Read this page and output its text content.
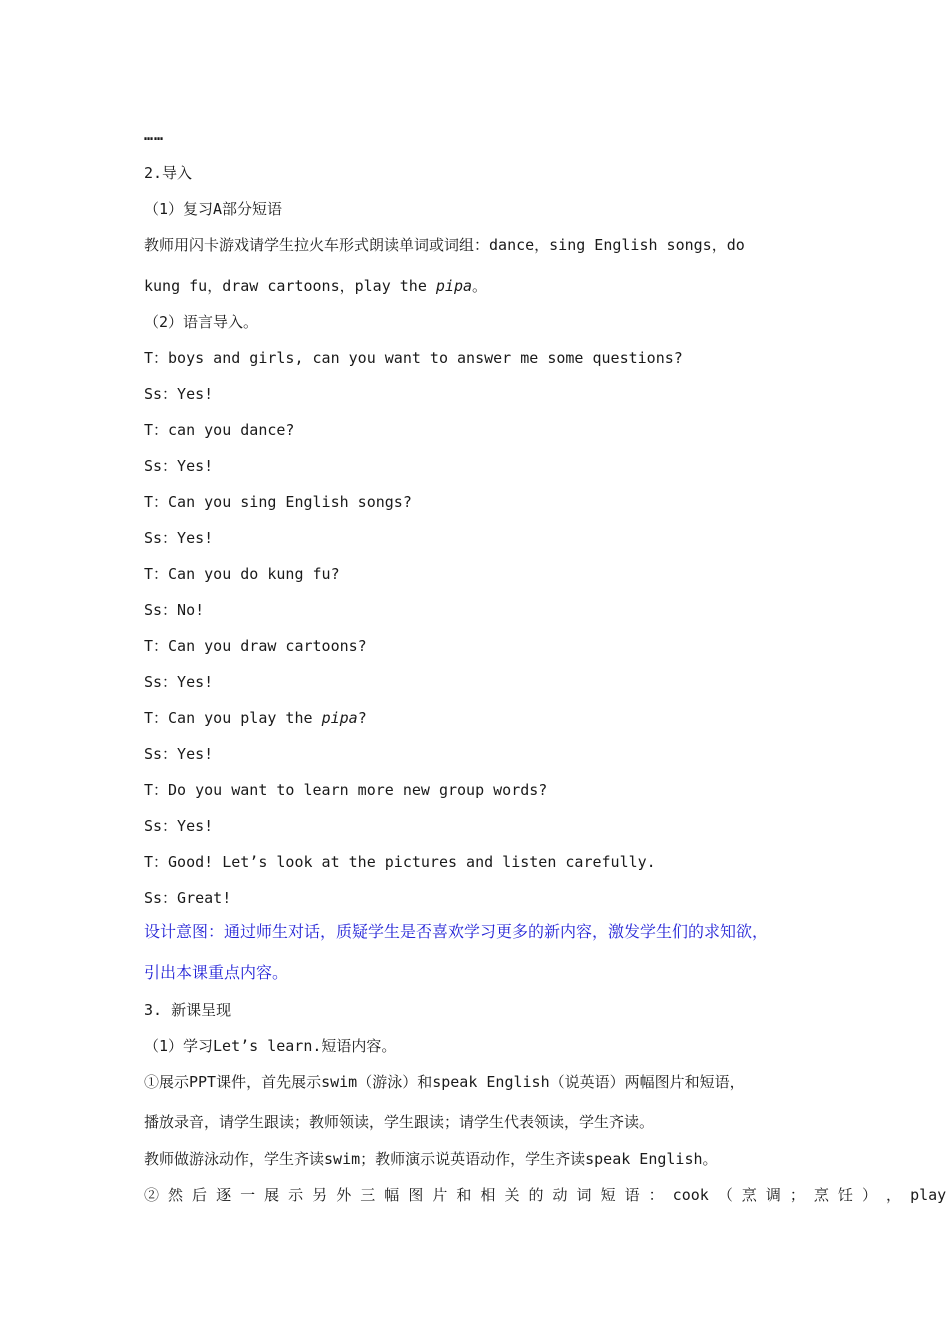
……
2.导入
（1）复习A部分短语
教师用闪卡游戏请学生拉火车形式朗读单词或词组：dance，sing English songs，do
kung fu，draw cartoons，play the pipa。
（2）语言导入。
T：boys and girls, can you want to answer me some questions?
Ss：Yes!
T：can you dance?
Ss：Yes!
T：Can you sing English songs?
Ss：Yes!
T：Can you do kung fu?
Ss：No!
T：Can you draw cartoons?
Ss：Yes!
T：Can you play the pipa?
Ss：Yes!
T：Do you want to learn more new group words?
Ss：Yes!
T：Good! Let’s look at the pictures and listen carefully.
Ss：Great!
设计意图：通过师生对话，质疑学生是否喜欢学习更多的新内容，激发学生们的求知欲，
引出本课重点内容。
3. 新课呈现
（1）学习Let’s learn.短语内容。
①展示PPT课件，首先展示swim（游泳）和speak English（说英语）两幅图片和短语，
播放录音，请学生跟读；教师领读，学生跟读；请学生代表领读，学生齐读。
教师做游泳动作，学生齐读swim；教师演示说英语动作，学生齐读speak English。
② 然 后 逐 一 展 示 另 外 三 幅 图 片 和 相 关 的 动 词 短 语 ： cook （ 烹 调 ； 烹 饪 ） ， play
